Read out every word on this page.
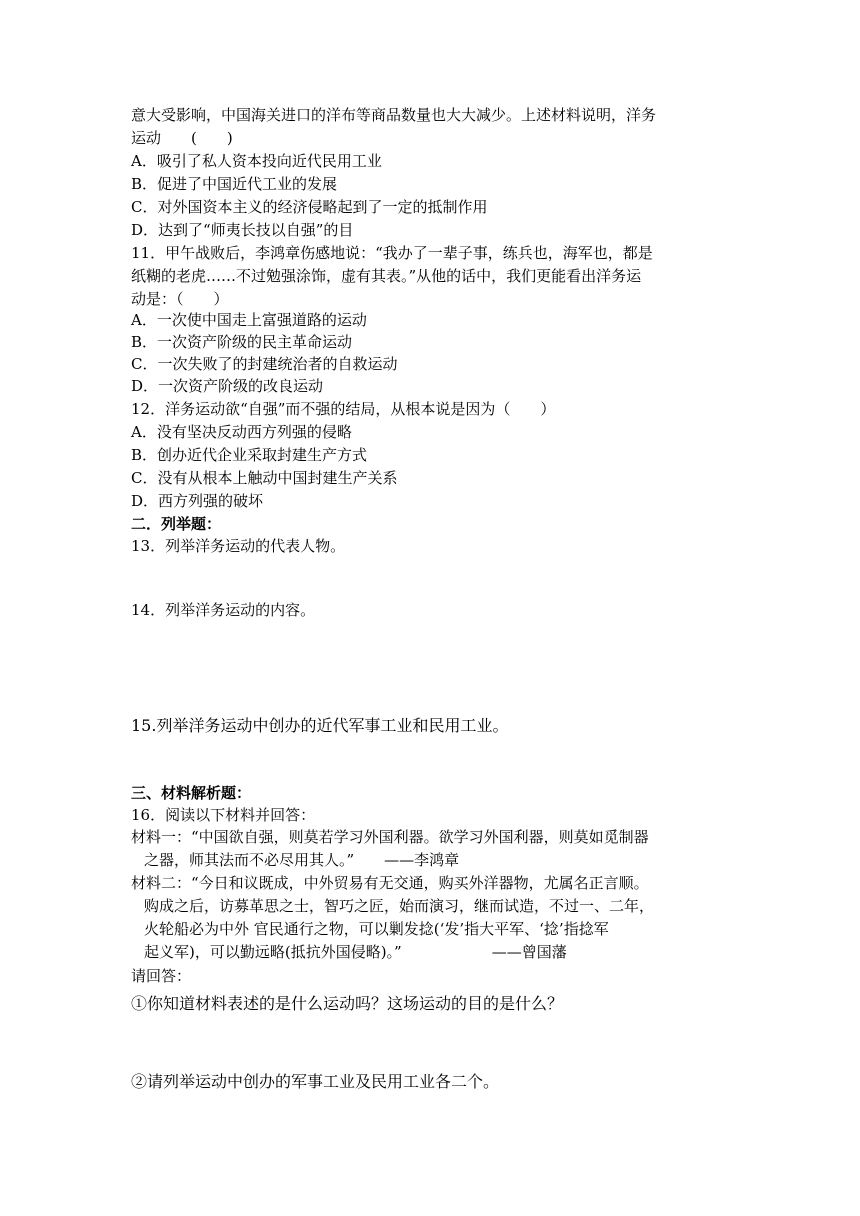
意大受影响，中国海关进口的洋布等商品数量也大大减少。上述材料说明，洋务
运动　　(　　)
A．吸引了私人资本投向近代民用工业
B．促进了中国近代工业的发展
C．对外国资本主义的经济侵略起到了一定的抵制作用
D．达到了“师夷长技以自强”的目
11．甲午战败后，李鸿章伤感地说：“我办了一辈子事，练兵也，海军也，都是
纸糊的老虎……不过勉强涂饰，虚有其表。”从他的话中，我们更能看出洋务运
动是：（　　）
A．一次使中国走上富强道路的运动
B．一次资产阶级的民主革命运动
C．一次失败了的封建统治者的自救运动
D．一次资产阶级的改良运动
12．洋务运动欲“自强”而不强的结局，从根本说是因为（　　）
A．没有坚决反动西方列强的侵略
B．创办近代企业采取封建生产方式
C．没有从根本上触动中国封建生产关系
D．西方列强的破坏
二．列举题：
13．列举洋务运动的代表人物。
14．列举洋务运动的内容。
15.列举洋务运动中创办的近代军事工业和民用工业。
三、材料解析题：
16．阅读以下材料并回答：
材料一：“中国欲自强，则莫若学习外国利器。欲学习外国利器，则莫如觅制器
之器，师其法而不必尽用其人。”　　——李鸿章
材料二：“今日和议既成，中外贸易有无交通，购买外洋器物，尤属名正言顺。
购成之后，访募革思之士，智巧之匠，始而演习，继而试造，不过一、二年，
火轮船必为中外 官民通行之物，可以剿发捻(‘发’指大平军、‘捻’指捻军
起义军)，可以勤远略(抵抗外国侵略)。”　　　　　　——曾国藩
请回答：
①你知道材料表述的是什么运动吗？这场运动的目的是什么？
②请列举运动中创办的军事工业及民用工业各二个。
